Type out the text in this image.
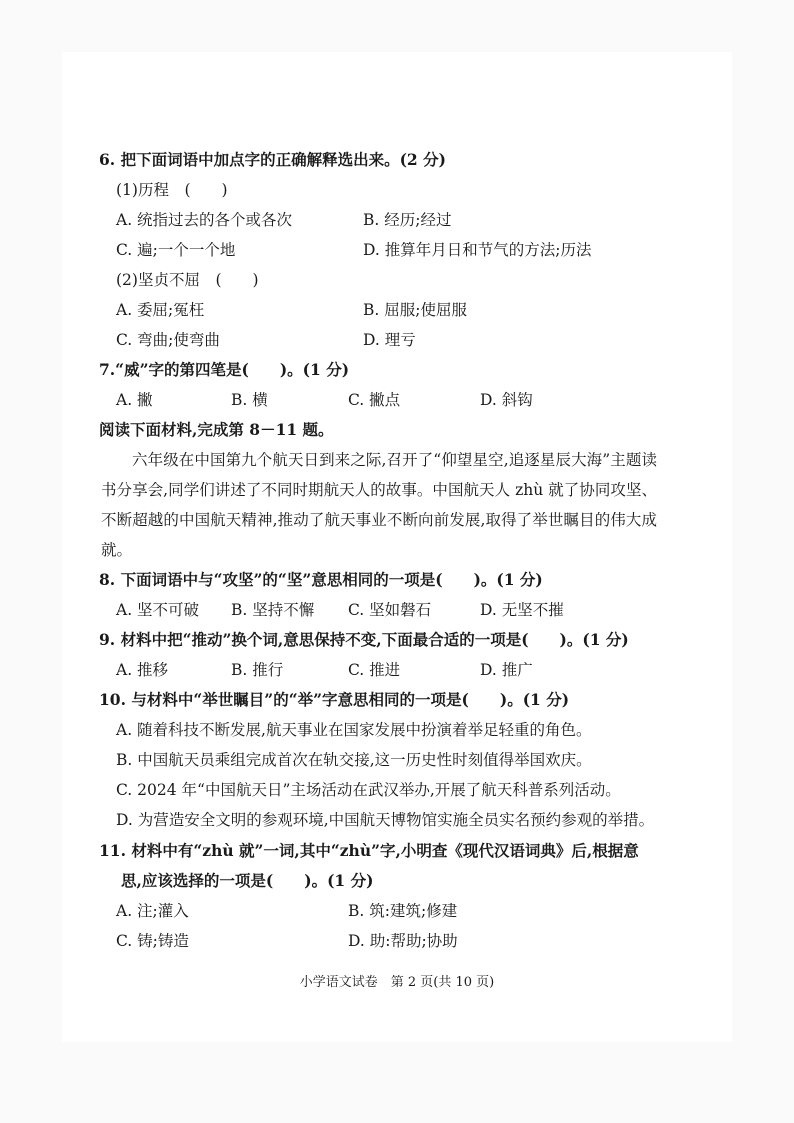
6. 把下面词语中加点字的正确解释选出来。(2 分)
(1)历程　(　　)
A. 统指过去的各个或各次	B. 经历;经过
C. 遍;一个一个地	D. 推算年月日和节气的方法;历法
(2)坚贞不屈　(　　)
A. 委屈;冤枉	B. 屈服;使屈服
C. 弯曲;使弯曲	D. 理亏
7.“威”字的第四笔是(　　)。(1 分)
A. 撇	B. 横	C. 撇点	D. 斜钩
阅读下面材料,完成第 8－11 题。
六年级在中国第九个航天日到来之际,召开了“仰望星空,追逐星辰大海”主题读书分享会,同学们讲述了不同时期航天人的故事。中国航天人 zhù 就了协同攻坚、不断超越的中国航天精神,推动了航天事业不断向前发展,取得了举世瞩目的伟大成就。
8. 下面词语中与“攻坚”的“坚”意思相同的一项是(　　)。(1 分)
A. 坚不可破 B. 坚持不懈 C. 坚如磐石	D. 无坚不摧
9. 材料中把“推动”换个词,意思保持不变,下面最合适的一项是(　　)。(1 分)
A. 推移	B. 推行	C. 推进	D. 推广
10. 与材料中“举世瞩目”的“举”字意思相同的一项是(　　)。(1 分)
A. 随着科技不断发展,航天事业在国家发展中扮演着举足轻重的角色。
B. 中国航天员乘组完成首次在轨交接,这一历史性时刻值得举国欢庆。
C. 2024 年“中国航天日”主场活动在武汉举办,开展了航天科普系列活动。
D. 为营造安全文明的参观环境,中国航天博物馆实施全员实名预约参观的举措。
11. 材料中有“zhù 就”一词,其中“zhù”字,小明查《现代汉语词典》后,根据意
思,应该选择的一项是(　　)。(1 分)
A. 注;灌入	B. 筑:建筑;修建
C. 铸;铸造	D. 助:帮助;协助
小学语文试卷　第 2 页(共 10 页)
